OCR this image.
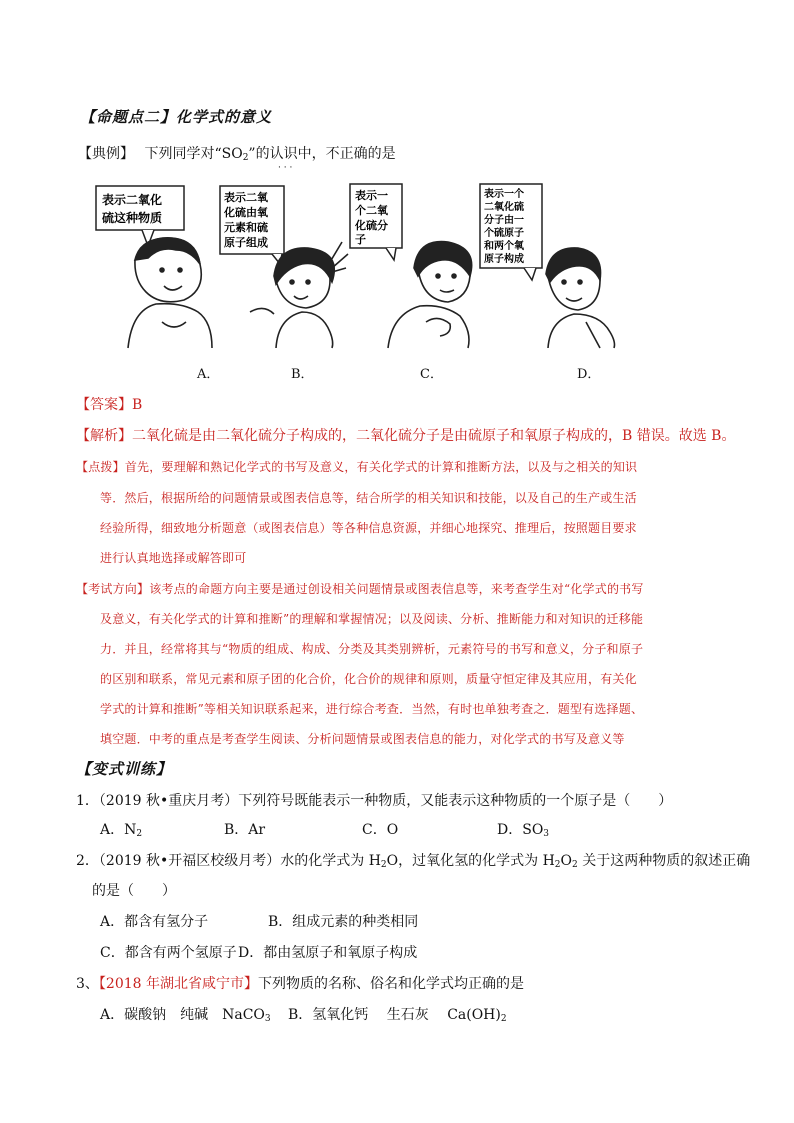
【命题点二】化学式的意义
【典例】 下列同学对“$SO_2$”的认识中，不正确的是
· · ·
表示二氧化
硫这种物质
表示二氧
化硫由氧
元素和硫
原子组成
表示一
个二氧
化硫分
子
表示一个
二氧化硫
分子由一
个硫原子
和两个氧
原子构成
A．	B．	C．	D．
【答案】B
【解析】二氧化硫是由二氧化硫分子构成的，二氧化硫分子是由硫原子和氧原子构成的，B 错误。故选 B。
【点拨】首先，要理解和熟记化学式的书写及意义，有关化学式的计算和推断方法，以及与之相关的知识
等．然后，根据所给的问题情景或图表信息等，结合所学的相关知识和技能，以及自己的生产或生活
经验所得，细致地分析题意（或图表信息）等各种信息资源，并细心地探究、推理后，按照题目要求
进行认真地选择或解答即可
【考试方向】该考点的命题方向主要是通过创设相关问题情景或图表信息等，来考查学生对“化学式的书写
及意义，有关化学式的计算和推断”的理解和掌握情况；以及阅读、分析、推断能力和对知识的迁移能
力．并且，经常将其与“物质的组成、构成、分类及其类别辨析，元素符号的书写和意义，分子和原子
的区别和联系，常见元素和原子团的化合价，化合价的规律和原则，质量守恒定律及其应用，有关化
学式的计算和推断”等相关知识联系起来，进行综合考查．当然，有时也单独考查之．题型有选择题、
填空题．中考的重点是考查学生阅读、分析问题情景或图表信息的能力，对化学式的书写及意义等
【变式训练】
1．（2019 秋•重庆月考）下列符号既能表示一种物质，又能表示这种物质的一个原子是（　　）
A．$N_2$	B．Ar	C．O	D．$SO_3$
2．（2019 秋•开福区校级月考）水的化学式为 $H_2O$，过氧化氢的化学式为 $H_2O_2$ 关于这两种物质的叙述正确
的是（　　）
A．都含有氢分子	B．组成元素的种类相同
C．都含有两个氢原子 D．都由氢原子和氧原子构成
3、【2018 年湖北省咸宁市】下列物质的名称、俗名和化学式均正确的是
A．碳酸钠　纯碱　NaCO$_3$ B．氢氧化钙　 生石灰　 $Ca(OH)_2$
